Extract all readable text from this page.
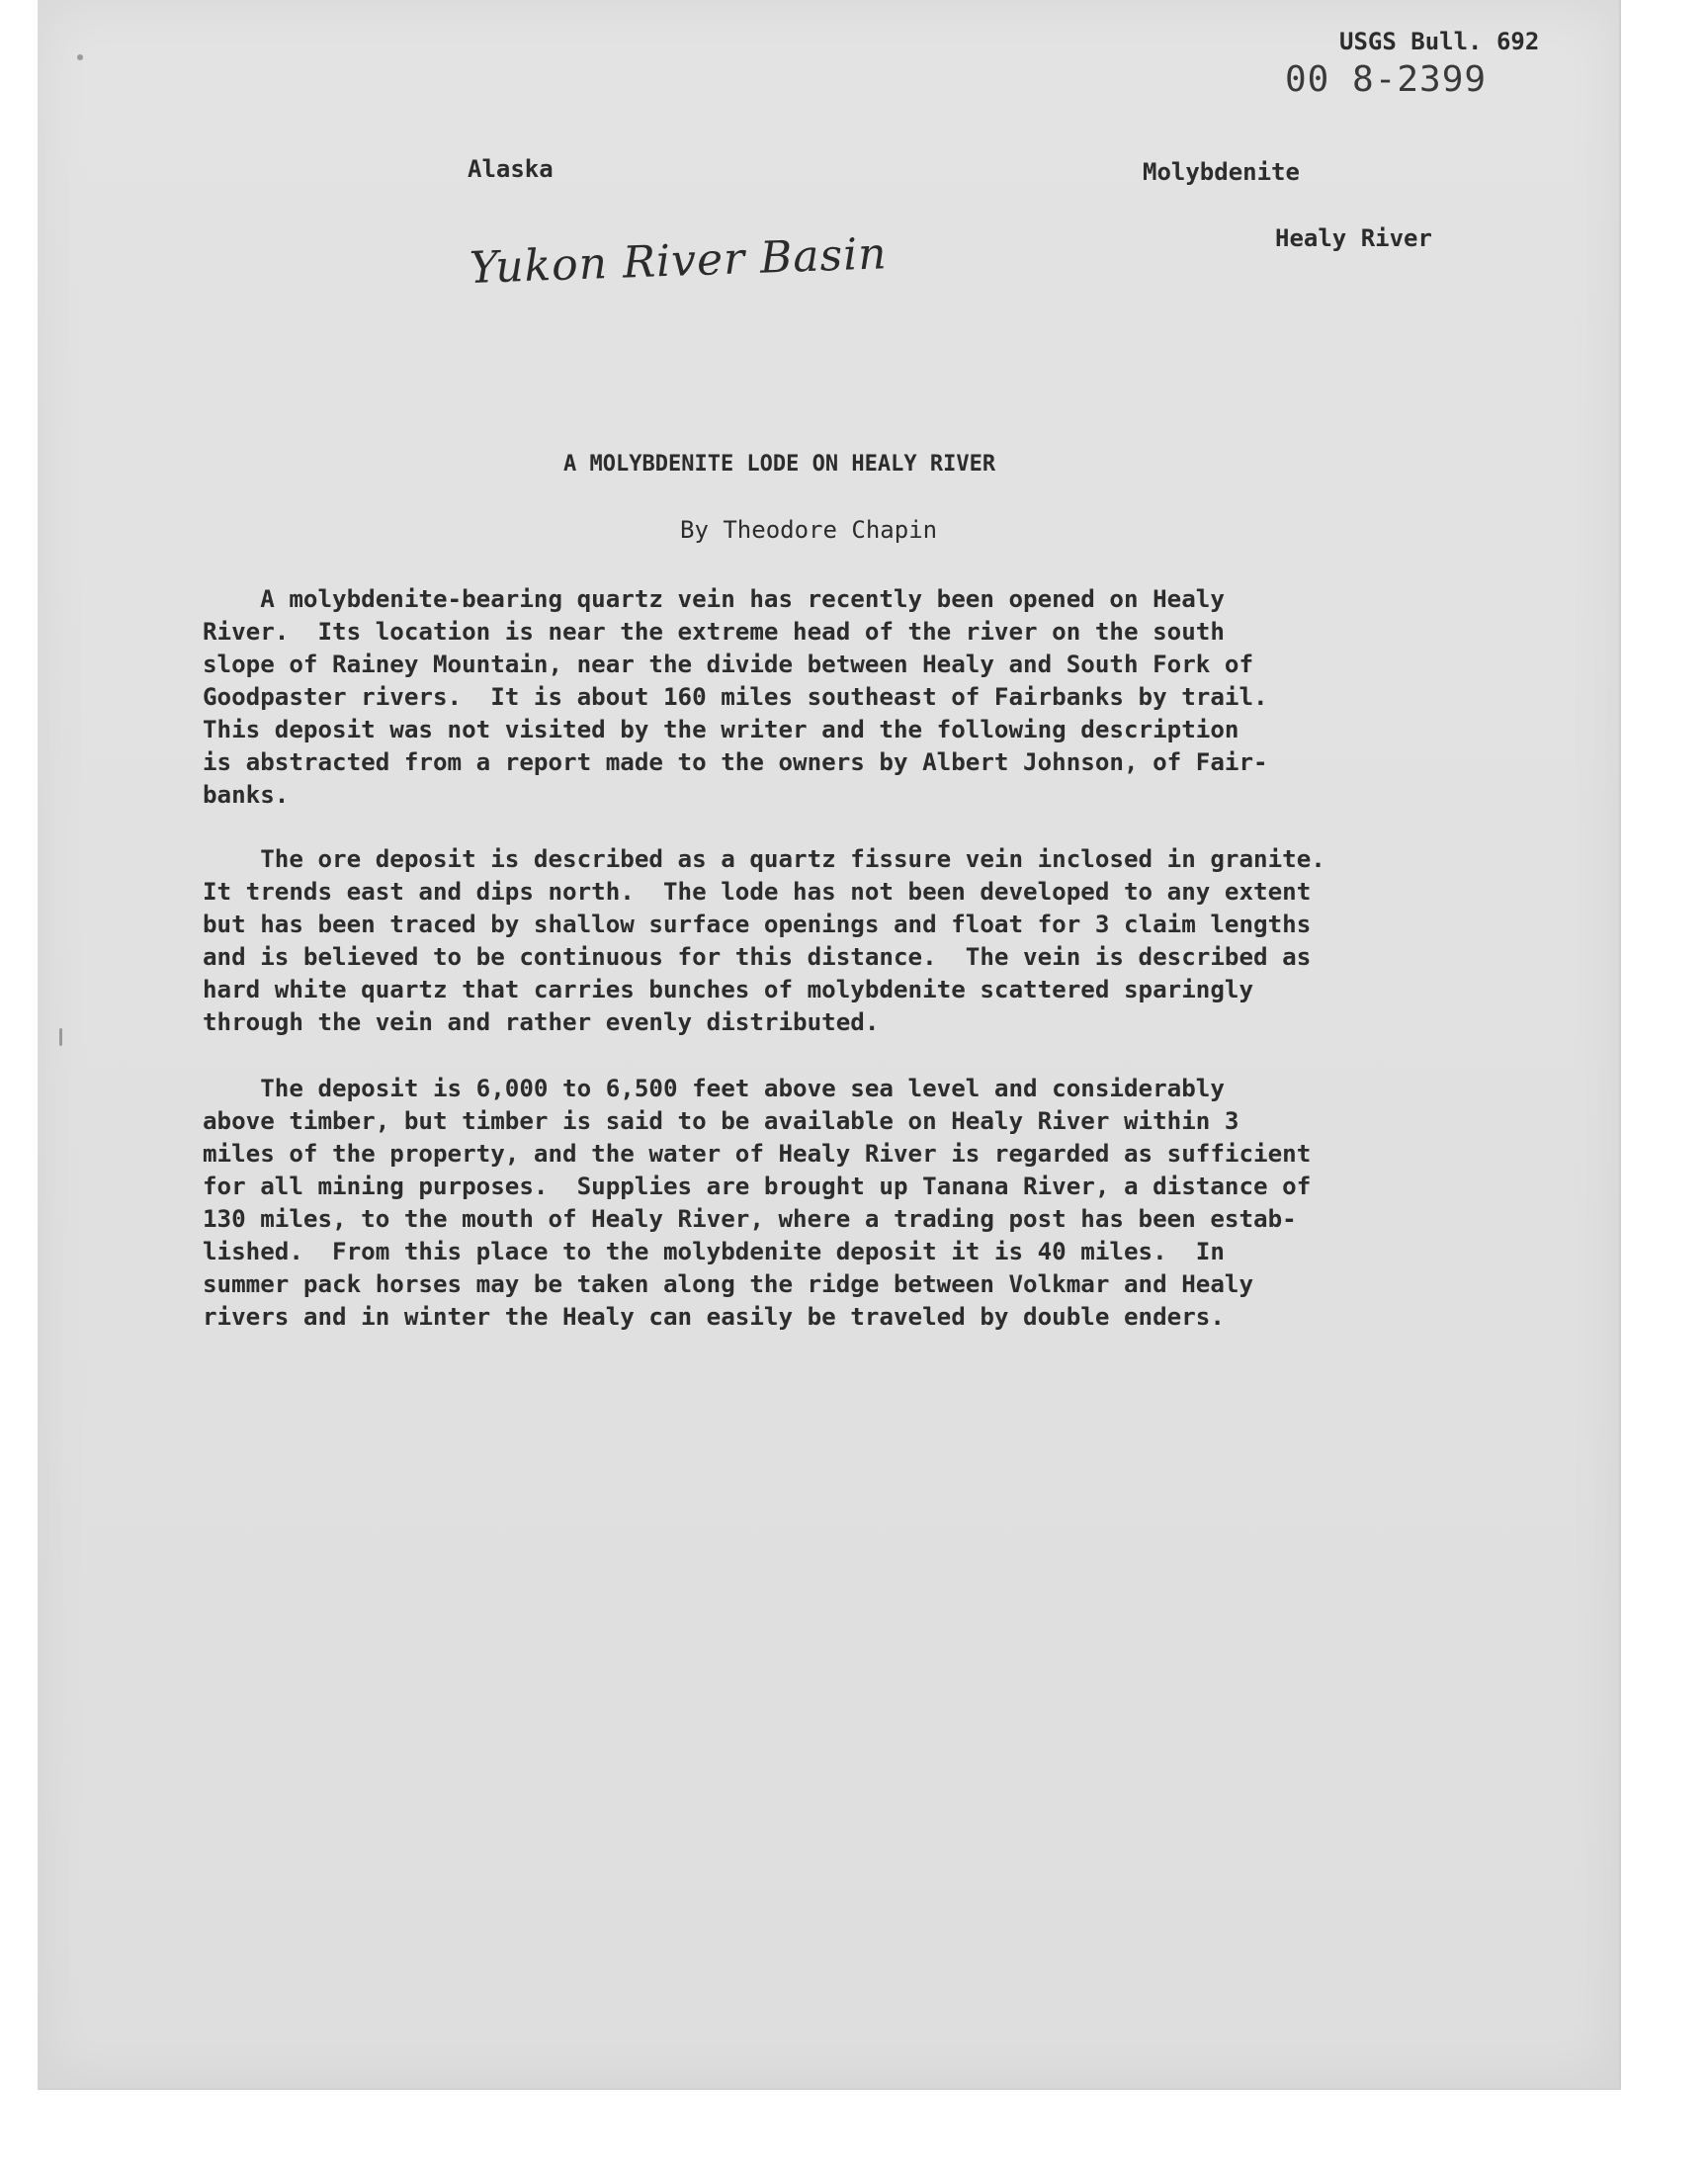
USGS Bull. 692

00 8-2399

Alaska

Yukon River Basin

Molybdenite

Healy River

A MOLYBDENITE LODE ON HEALY RIVER

By Theodore Chapin

A molybdenite-bearing quartz vein has recently been opened on Healy
River.  Its location is near the extreme head of the river on the south
slope of Rainey Mountain, near the divide between Healy and South Fork of
Goodpaster rivers.  It is about 160 miles southeast of Fairbanks by trail.
This deposit was not visited by the writer and the following description
is abstracted from a report made to the owners by Albert Johnson, of Fair-
banks.

The ore deposit is described as a quartz fissure vein inclosed in granite.
It trends east and dips north.  The lode has not been developed to any extent
but has been traced by shallow surface openings and float for 3 claim lengths
and is believed to be continuous for this distance.  The vein is described as
hard white quartz that carries bunches of molybdenite scattered sparingly
through the vein and rather evenly distributed.

The deposit is 6,000 to 6,500 feet above sea level and considerably
above timber, but timber is said to be available on Healy River within 3
miles of the property, and the water of Healy River is regarded as sufficient
for all mining purposes.  Supplies are brought up Tanana River, a distance of
130 miles, to the mouth of Healy River, where a trading post has been estab-
lished.  From this place to the molybdenite deposit it is 40 miles.  In
summer pack horses may be taken along the ridge between Volkmar and Healy
rivers and in winter the Healy can easily be traveled by double enders.
